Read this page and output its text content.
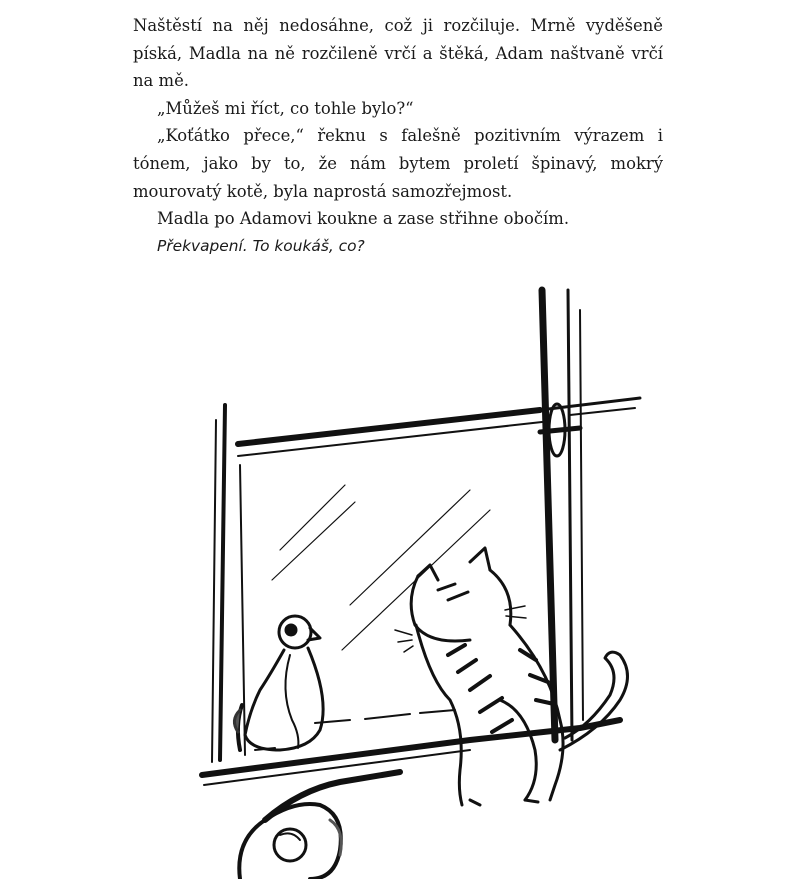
Naštěstí na něj nedosáhne, což ji rozčiluje. Mrně vyděšeně píská, Madla na ně rozčileně vrčí a štěká, Adam naštvaně vrčí na mě.

„Můžeš mi říct, co tohle bylo?“

„Koťátko přece,“ řeknu s falešně pozitivním výrazem i tónem, jako by to, že nám bytem proletí špinavý, mokrý mourovatý kotě, byla naprostá samozřejmost.

Madla po Adamovi koukne a zase střihne obočím.

Překvapení. To koukáš, co?
